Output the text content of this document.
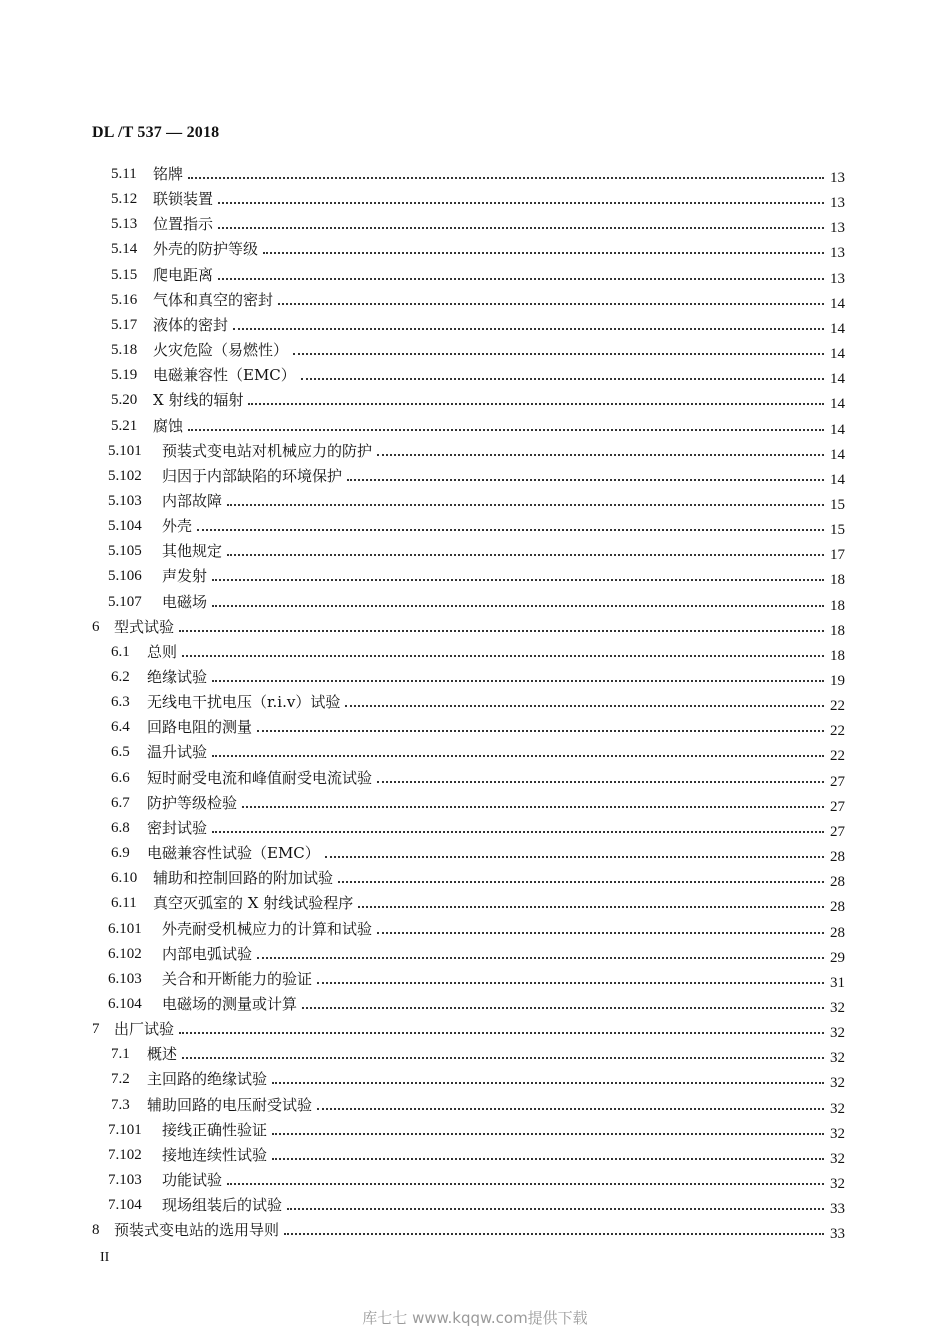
DL /T 537 — 2018
5.11	铭牌	13
5.12	联锁装置	13
5.13	位置指示	13
5.14	外壳的防护等级	13
5.15	爬电距离	13
5.16	气体和真空的密封	14
5.17	液体的密封	14
5.18	火灾危险（易燃性）	14
5.19	电磁兼容性（EMC）	14
5.20	X 射线的辐射	14
5.21	腐蚀	14
5.101	预装式变电站对机械应力的防护	14
5.102	归因于内部缺陷的环境保护	14
5.103	内部故障	15
5.104	外壳	15
5.105	其他规定	17
5.106	声发射	18
5.107	电磁场	18
6 型式试验	18
6.1	总则	18
6.2	绝缘试验	19
6.3	无线电干扰电压（r.i.v）试验	22
6.4	回路电阻的测量	22
6.5	温升试验	22
6.6	短时耐受电流和峰值耐受电流试验	27
6.7	防护等级检验	27
6.8	密封试验	27
6.9	电磁兼容性试验（EMC）	28
6.10	辅助和控制回路的附加试验	28
6.11	真空灭弧室的 X 射线试验程序	28
6.101	外壳耐受机械应力的计算和试验	28
6.102	内部电弧试验	29
6.103	关合和开断能力的验证	31
6.104	电磁场的测量或计算	32
7 出厂试验	32
7.1	概述	32
7.2	主回路的绝缘试验	32
7.3	辅助回路的电压耐受试验	32
7.101	接线正确性验证	32
7.102	接地连续性试验	32
7.103	功能试验	32
7.104	现场组装后的试验	33
8 预装式变电站的选用导则	33
II
库七七 www.kqqw.com提供下载
